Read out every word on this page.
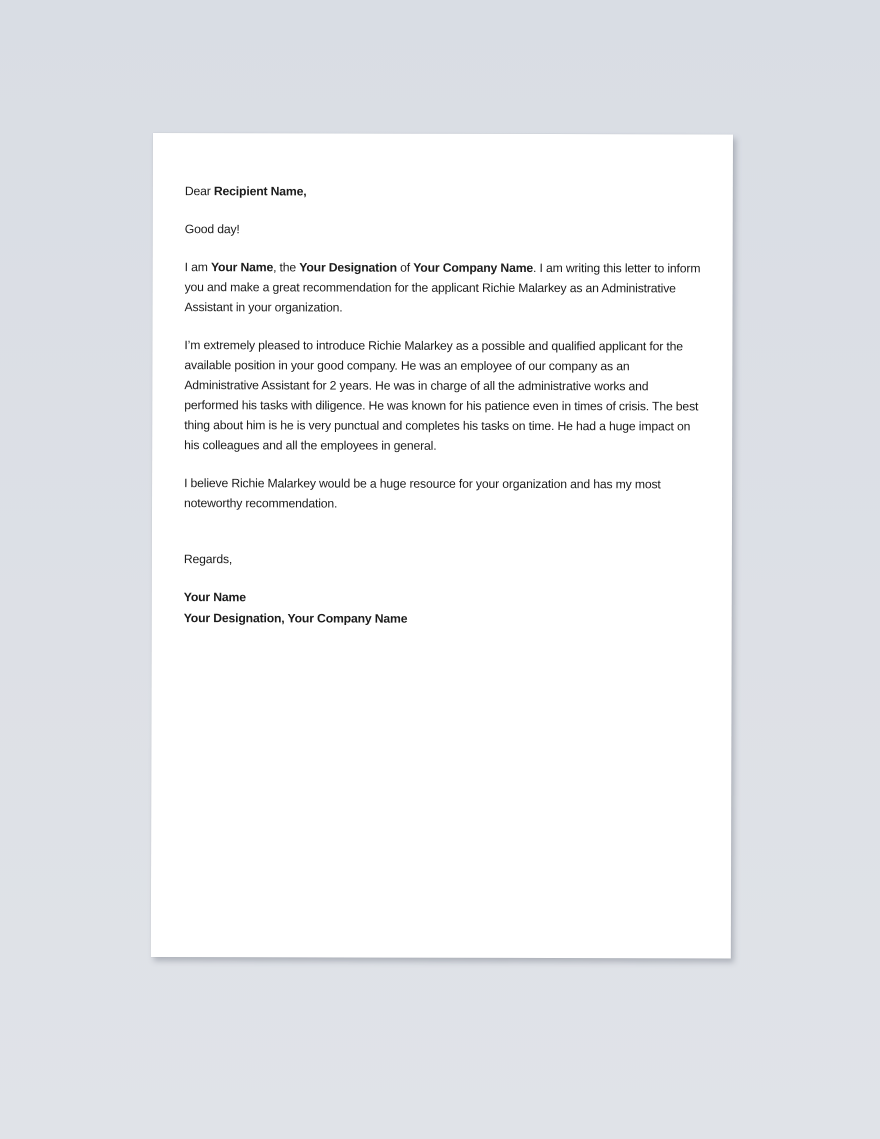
Dear Recipient Name,

Good day!

I am Your Name, the Your Designation of Your Company Name. I am writing this letter to inform you and make a great recommendation for the applicant Richie Malarkey as an Administrative Assistant in your organization.

I’m extremely pleased to introduce Richie Malarkey as a possible and qualified applicant for the available position in your good company. He was an employee of our company as an Administrative Assistant for 2 years. He was in charge of all the administrative works and performed his tasks with diligence. He was known for his patience even in times of crisis. The best thing about him is he is very punctual and completes his tasks on time. He had a huge impact on his colleagues and all the employees in general.

I believe Richie Malarkey would be a huge resource for your organization and has my most noteworthy recommendation.

Regards,

Your Name

Your Designation, Your Company Name
